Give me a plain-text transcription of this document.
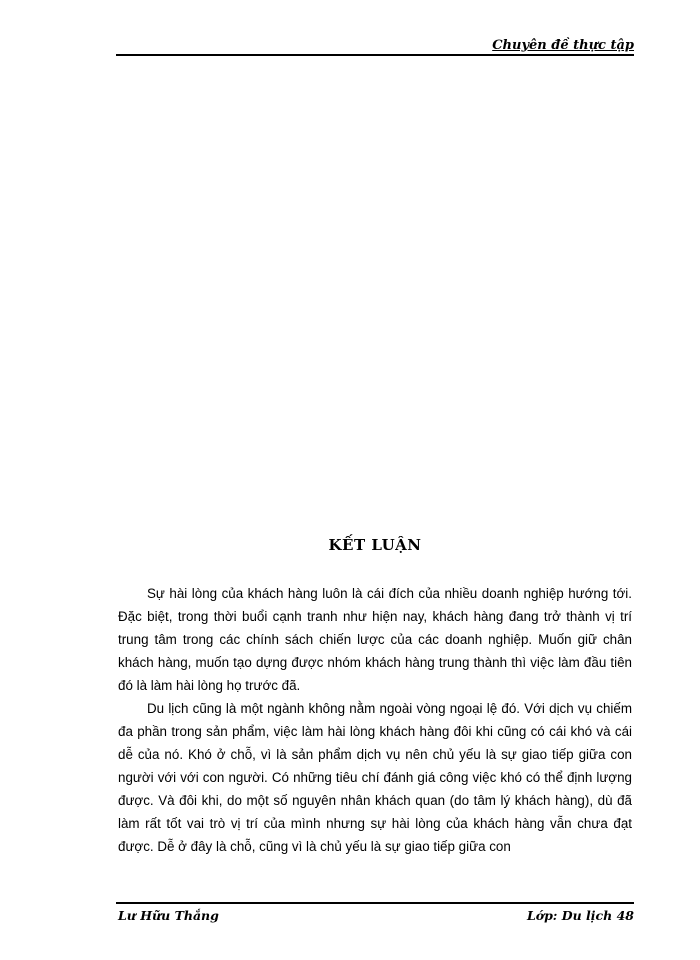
Chuyên đề thực tập
KẾT LUẬN

Sự hài lòng của khách hàng luôn là cái đích của nhiều doanh nghiệp hướng tới. Đặc biệt, trong thời buổi cạnh tranh như hiện nay, khách hàng đang trở thành vị trí trung tâm trong các chính sách chiến lược của các doanh nghiệp. Muốn giữ chân khách hàng, muốn tạo dựng được nhóm khách hàng trung thành thì việc làm đầu tiên đó là làm hài lòng họ trước đã.

Du lịch cũng là một ngành không nằm ngoài vòng ngoại lệ đó. Với dịch vụ chiếm đa phần trong sản phẩm, việc làm hài lòng khách hàng đôi khi cũng có cái khó và cái dễ của nó. Khó ở chỗ, vì là sản phẩm dịch vụ nên chủ yếu là sự giao tiếp giữa con người với với con người. Có những tiêu chí đánh giá công việc khó có thể định lượng được. Và đôi khi, do một số nguyên nhân khách quan (do tâm lý khách hàng), dù đã làm rất tốt vai trò vị trí của mình nhưng sự hài lòng của khách hàng vẫn chưa đạt được. Dễ ở đây là chỗ, cũng vì là chủ yếu là sự giao tiếp giữa con

Lư Hữu Thắng	Lớp: Du lịch 48
